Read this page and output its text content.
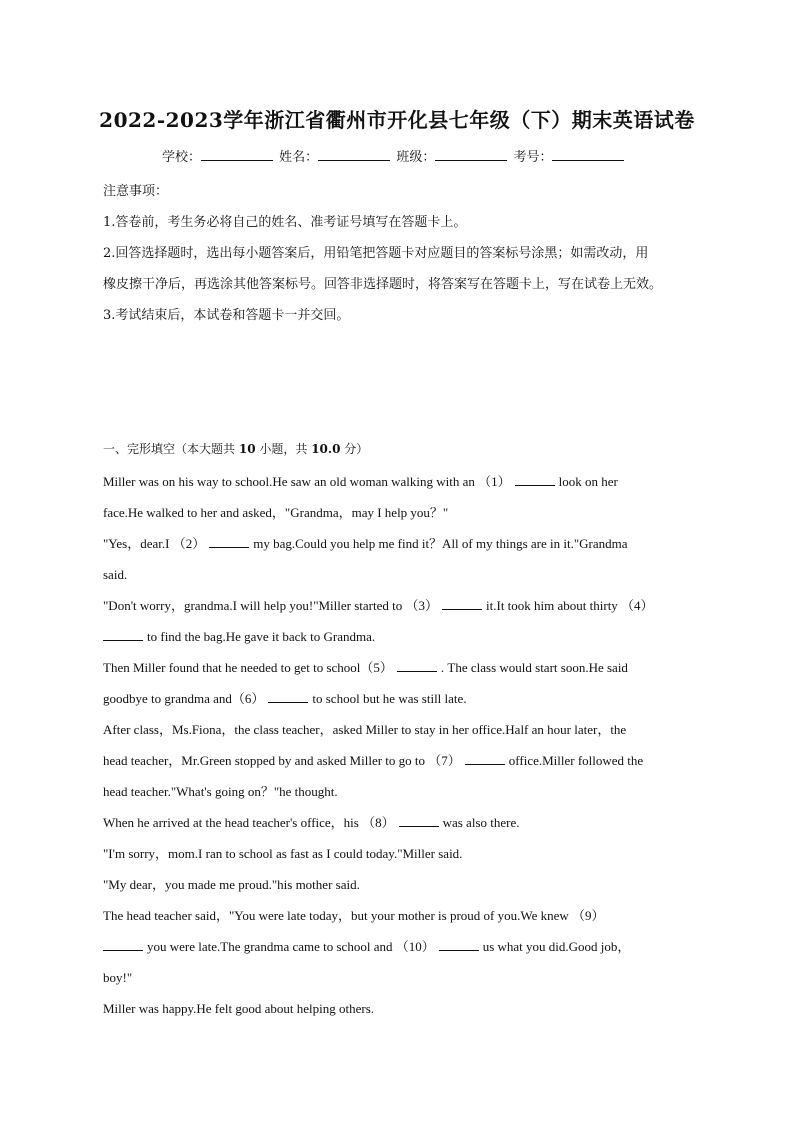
2022-2023学年浙江省衢州市开化县七年级（下）期末英语试卷
学校：	姓名：	班级：	考号：
注意事项：
1.答卷前，考生务必将自己的姓名、准考证号填写在答题卡上。
2.回答选择题时，选出每小题答案后，用铅笔把答题卡对应题目的答案标号涂黑；如需改动，用
橡皮擦干净后，再选涂其他答案标号。回答非选择题时，将答案写在答题卡上，写在试卷上无效。
3.考试结束后，本试卷和答题卡一并交回。
一、完形填空（本大题共 10 小题，共 10.0 分）
Miller was on his way to school.He saw an old woman walking with an （1）	look on her
face.He walked to her and asked，"Grandma，may I help you？"
"Yes，dear.I （2）	my bag.Could you help me find it？All of my things are in it."Grandma
said.
"Don't worry，grandma.I will help you!"Miller started to （3）	it.It took him about thirty （4）
to find the bag.He gave it back to Grandma.
Then Miller found that he needed to get to school（5）	. The class would start soon.He said
goodbye to grandma and（6）	to school but he was still late.
After class，Ms.Fiona，the class teacher，asked Miller to stay in her office.Half an hour later，the
head teacher，Mr.Green stopped by and asked Miller to go to （7）	office.Miller followed the
head teacher."What's going on？"he thought.
When he arrived at the head teacher's office，his （8）	was also there.
"I'm sorry，mom.I ran to school as fast as I could today."Miller said.
"My dear，you made me proud."his mother said.
The head teacher said，"You were late today，but your mother is proud of you.We knew （9）
you were late.The grandma came to school and （10）	us what you did.Good job，
boy!"
Miller was happy.He felt good about helping others.
